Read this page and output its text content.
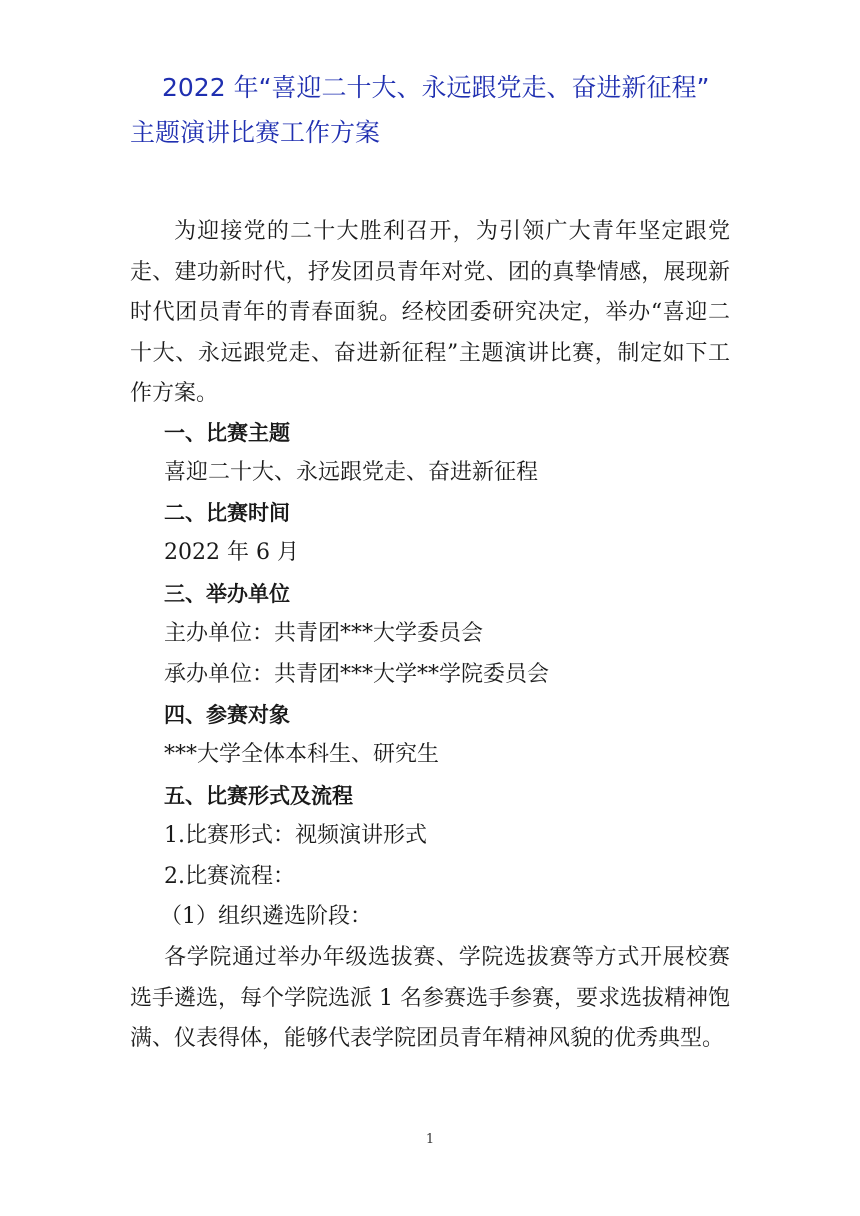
2022 年“喜迎二十大、永远跟党走、奋进新征程”
主题演讲比赛工作方案

为迎接党的二十大胜利召开，为引领广大青年坚定跟党走、建功新时代，抒发团员青年对党、团的真挚情感，展现新时代团员青年的青春面貌。经校团委研究决定，举办“喜迎二十大、永远跟党走、奋进新征程”主题演讲比赛，制定如下工作方案。

一、比赛主题
喜迎二十大、永远跟党走、奋进新征程
二、比赛时间
2022 年 6 月
三、举办单位
主办单位：共青团***大学委员会
承办单位：共青团***大学**学院委员会
四、参赛对象
***大学全体本科生、研究生
五、比赛形式及流程
1.比赛形式：视频演讲形式
2.比赛流程：
（1）组织遴选阶段：

各学院通过举办年级选拔赛、学院选拔赛等方式开展校赛选手遴选，每个学院选派 1 名参赛选手参赛，要求选拔精神饱满、仪表得体，能够代表学院团员青年精神风貌的优秀典型。

1
